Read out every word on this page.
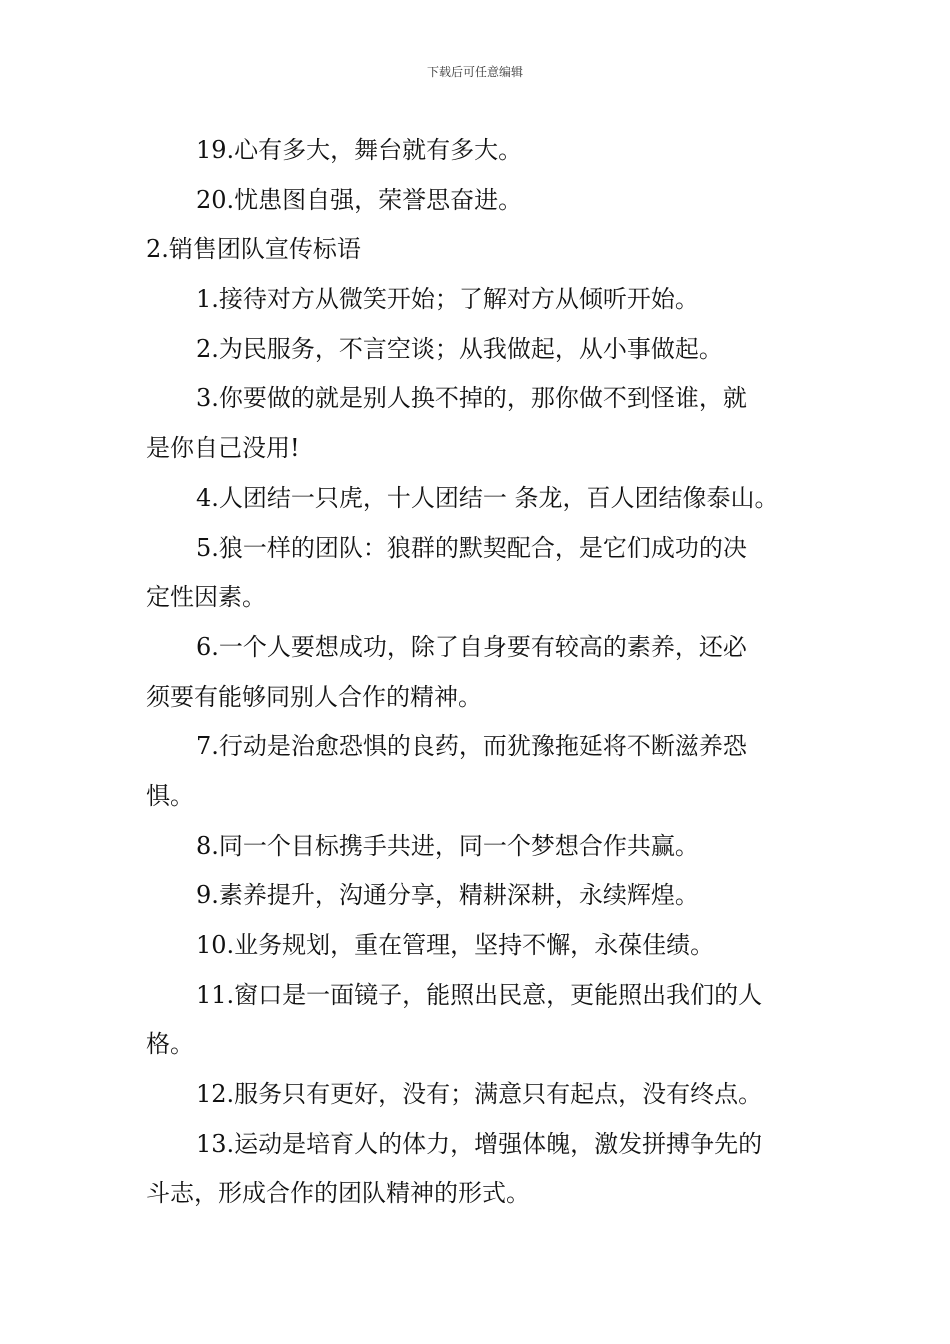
下载后可任意编辑
19.心有多大，舞台就有多大。
20.忧患图自强，荣誉思奋进。
2.销售团队宣传标语
1.接待对方从微笑开始；了解对方从倾听开始。
2.为民服务，不言空谈；从我做起，从小事做起。
3.你要做的就是别人换不掉的，那你做不到怪谁，就
是你自己没用!
4.人团结一只虎，十人团结一 条龙，百人团结像泰山。
5.狼一样的团队：狼群的默契配合，是它们成功的决
定性因素。
6.一个人要想成功，除了自身要有较高的素养，还必
须要有能够同别人合作的精神。
7.行动是治愈恐惧的良药，而犹豫拖延将不断滋养恐
惧。
8.同一个目标携手共进，同一个梦想合作共赢。
9.素养提升，沟通分享，精耕深耕，永续辉煌。
10.业务规划，重在管理，坚持不懈，永葆佳绩。
11.窗口是一面镜子，能照出民意，更能照出我们的人
格。
12.服务只有更好，没有；满意只有起点，没有终点。
13.运动是培育人的体力，增强体魄，激发拼搏争先的
斗志，形成合作的团队精神的形式。
